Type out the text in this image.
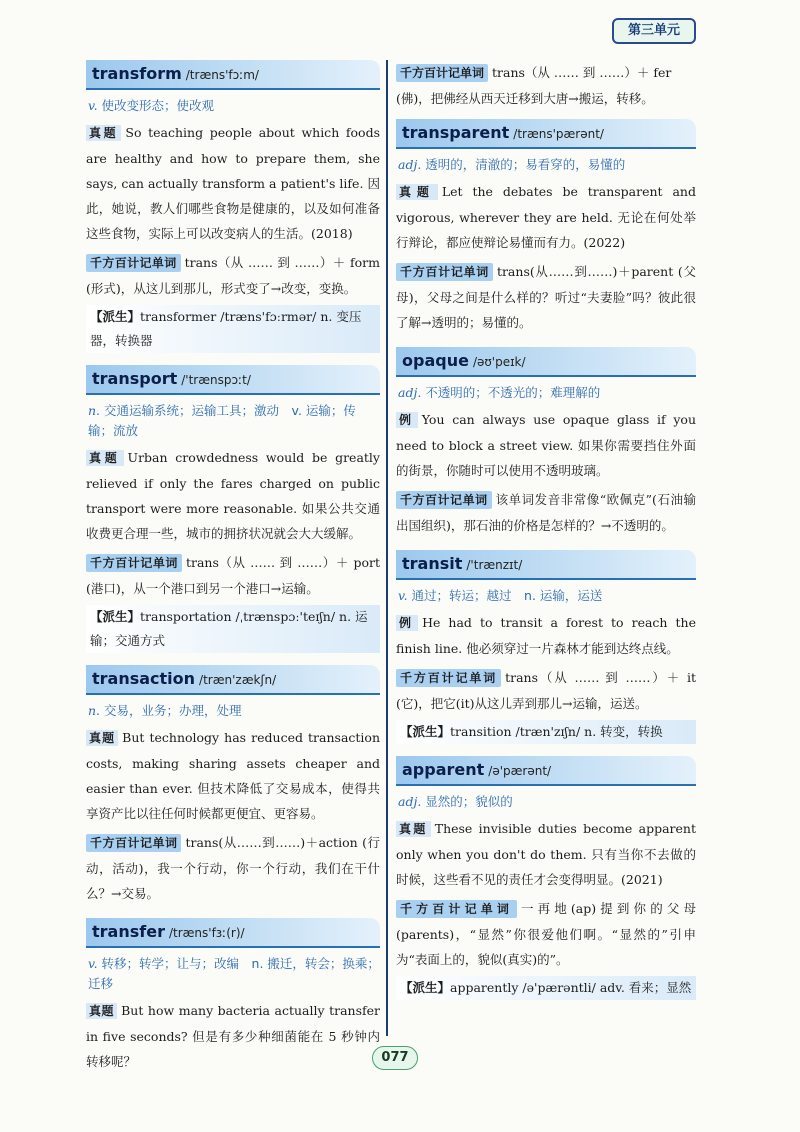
第三单元
transform /træns'fɔːm/
v. 使改变形态；使改观
真题 So teaching people about which foods are healthy and how to prepare them, she says, can actually transform a patient's life. 因此，她说，教人们哪些食物是健康的，以及如何准备这些食物，实际上可以改变病人的生活。(2018)
千方百计记单词 trans（从 …… 到 ……）＋ form (形式)，从这儿到那儿，形式变了→改变，变换。
【派生】transformer /træns'fɔːrmər/ n. 变压器，转换器
transport /'trænspɔːt/
n. 交通运输系统；运输工具；激动　v. 运输；传输；流放
真题 Urban crowdedness would be greatly relieved if only the fares charged on public transport were more reasonable. 如果公共交通收费更合理一些，城市的拥挤状况就会大大缓解。
千方百计记单词 trans（从 …… 到 ……）＋ port (港口)，从一个港口到另一个港口→运输。
【派生】transportation /ˌtrænspɔː'teɪʃn/ n. 运输；交通方式
transaction /træn'zækʃn/
n. 交易，业务；办理，处理
真题 But technology has reduced transaction costs, making sharing assets cheaper and easier than ever. 但技术降低了交易成本，使得共享资产比以往任何时候都更便宜、更容易。
千方百计记单词 trans(从……到……)＋action (行动，活动)，我一个行动，你一个行动，我们在干什么？→交易。
transfer /træns'fɜː(r)/
v. 转移；转学；让与；改编　n. 搬迁，转会；换乘；迁移
真题 But how many bacteria actually transfer in five seconds? 但是有多少种细菌能在 5 秒钟内转移呢？
千方百计记单词 trans（从 …… 到 ……）＋ fer (佛)，把佛经从西天迁移到大唐→搬运，转移。
transparent /træns'pærənt/
adj. 透明的，清澈的；易看穿的，易懂的
真题 Let the debates be transparent and vigorous, wherever they are held. 无论在何处举行辩论，都应使辩论易懂而有力。(2022)
千方百计记单词 trans(从……到……)＋parent (父母)，父母之间是什么样的？听过“夫妻脸”吗？彼此很了解→透明的；易懂的。
opaque /əʊ'peɪk/
adj. 不透明的；不透光的；难理解的
例 You can always use opaque glass if you need to block a street view. 如果你需要挡住外面的街景，你随时可以使用不透明玻璃。
千方百计记单词 该单词发音非常像“欧佩克”(石油输出国组织)，那石油的价格是怎样的？→不透明的。
transit /'trænzɪt/
v. 通过；转运；越过　n. 运输，运送
例 He had to transit a forest to reach the finish line. 他必须穿过一片森林才能到达终点线。
千方百计记单词 trans（从 …… 到 ……）＋ it (它)，把它(it)从这儿弄到那儿→运输，运送。
【派生】transition /træn'zɪʃn/ n. 转变，转换
apparent /ə'pærənt/
adj. 显然的；貌似的
真题 These invisible duties become apparent only when you don't do them. 只有当你不去做的时候，这些看不见的责任才会变得明显。(2021)
千方百计记单词 一再地(ap)提到你的父母(parents)，“显然”你很爱他们啊。“显然的”引申为“表面上的，貌似(真实)的”。
【派生】apparently /ə'pærəntli/ adv. 看来；显然
077
